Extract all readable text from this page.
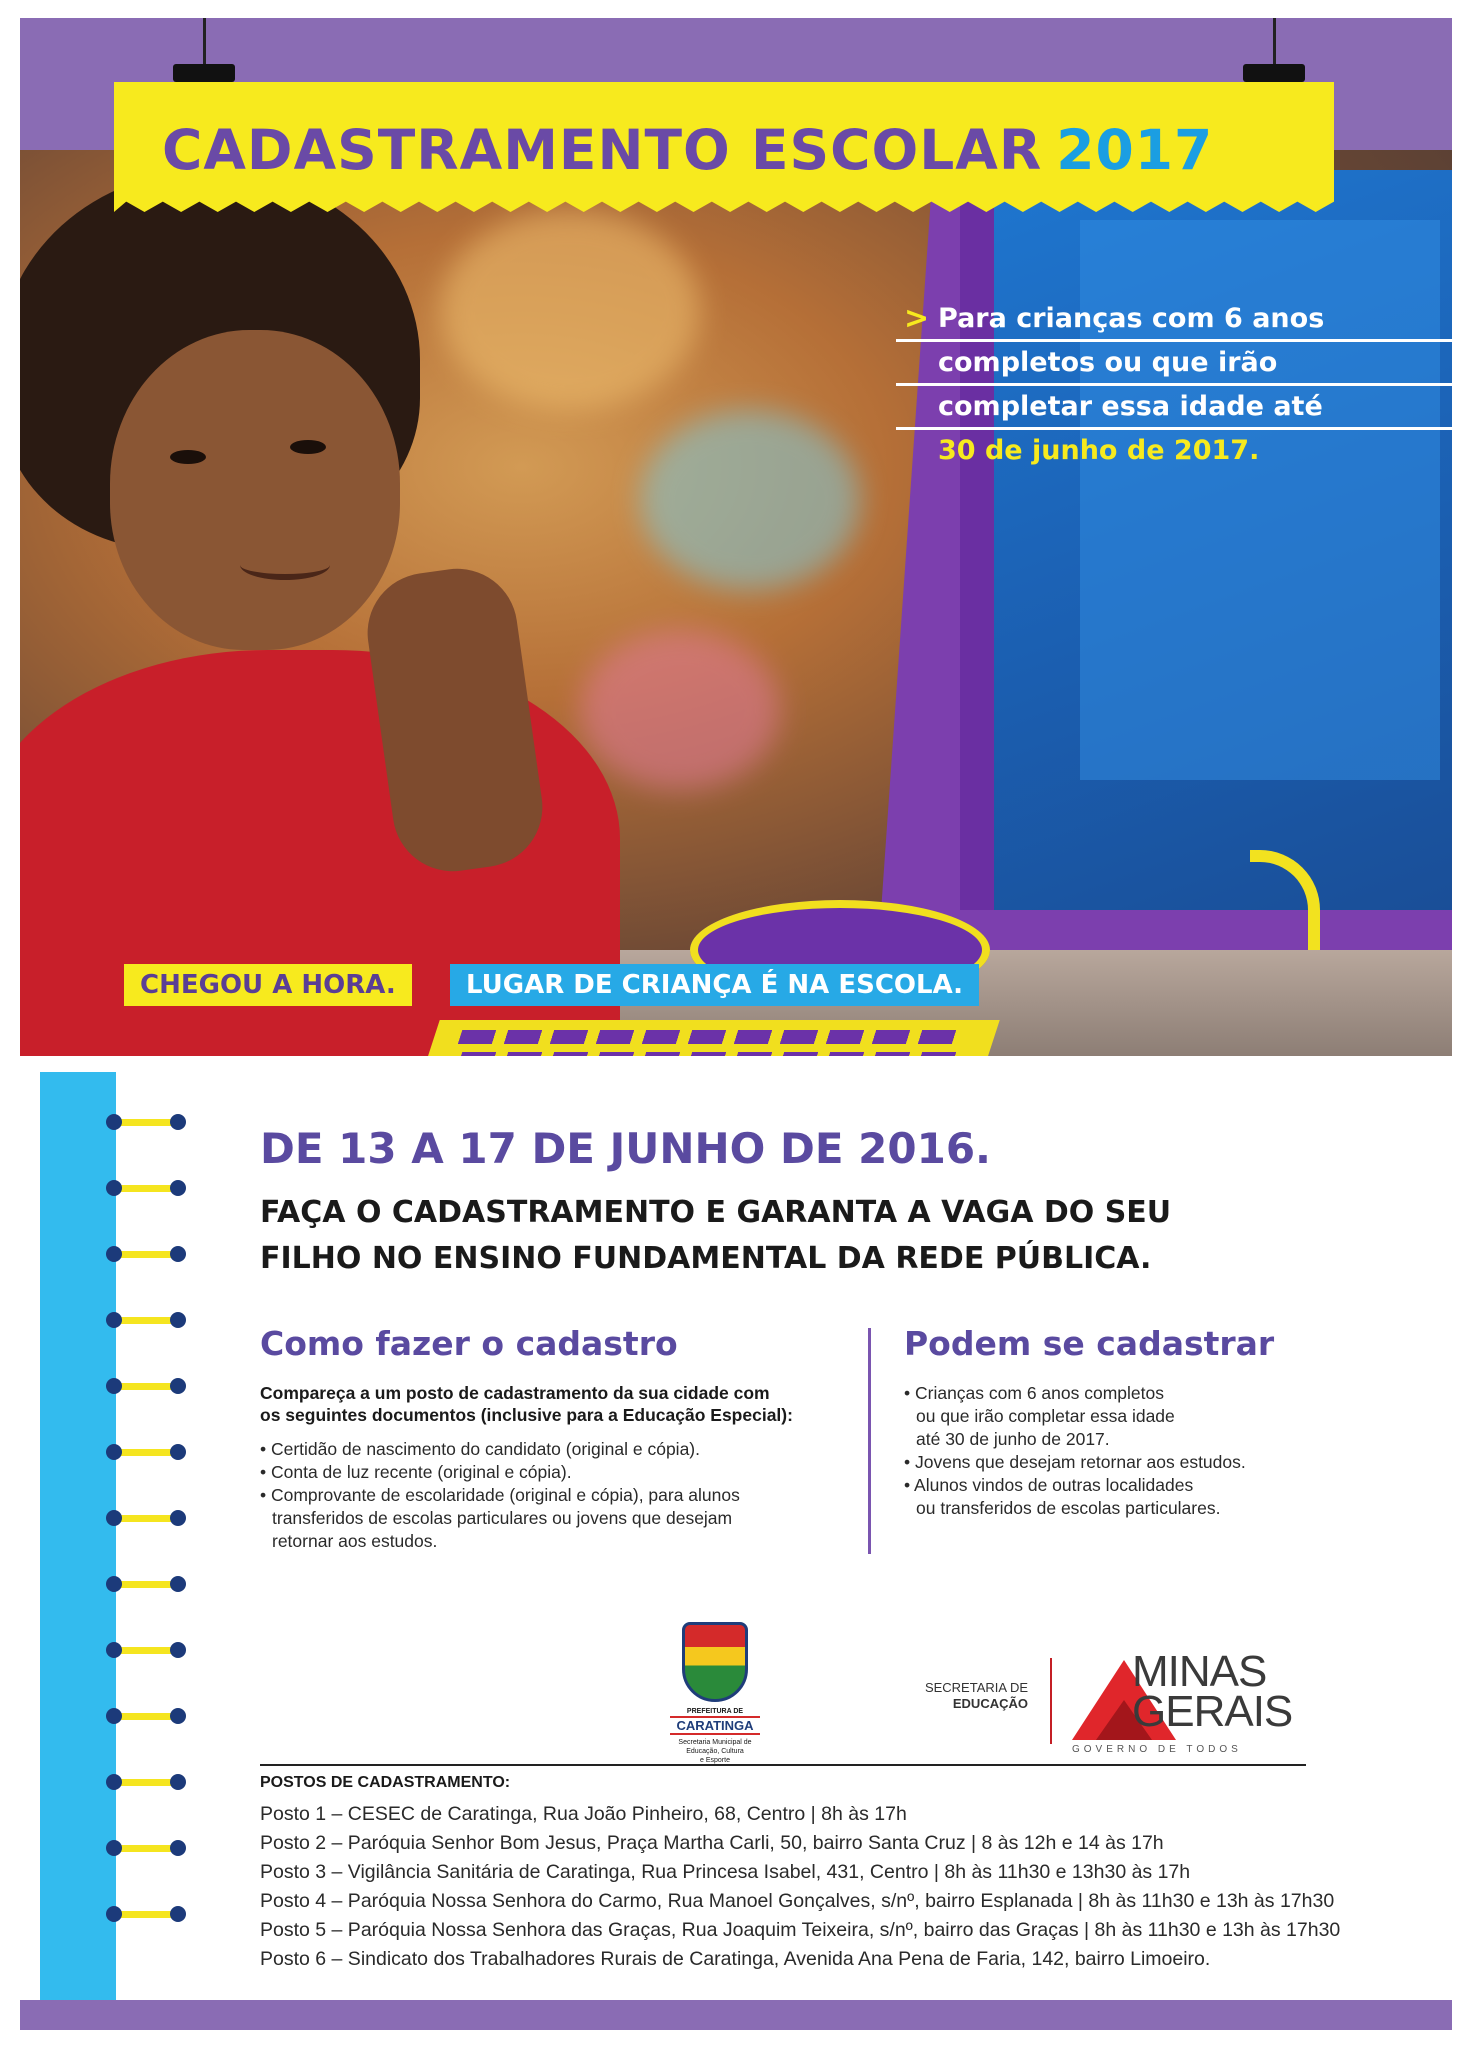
CADASTRAMENTO ESCOLAR 2017
> Para crianças com 6 anos
completos ou que irão
completar essa idade até
30 de junho de 2017.
CHEGOU A HORA.	LUGAR DE CRIANÇA É NA ESCOLA.
DE 13 A 17 DE JUNHO DE 2016.
FAÇA O CADASTRAMENTO E GARANTA A VAGA DO SEU
FILHO NO ENSINO FUNDAMENTAL DA REDE PÚBLICA.
Como fazer o cadastro	Podem se cadastrar
Compareça a um posto de cadastramento da sua cidade com
os seguintes documentos (inclusive para a Educação Especial):
• Certidão de nascimento do candidato (original e cópia).
• Conta de luz recente (original e cópia).
• Comprovante de escolaridade (original e cópia), para alunos
transferidos de escolas particulares ou jovens que desejam
retornar aos estudos.
• Crianças com 6 anos completos
ou que irão completar essa idade
até 30 de junho de 2017.
• Jovens que desejam retornar aos estudos.
• Alunos vindos de outras localidades
ou transferidos de escolas particulares.
PREFEITURA DE
CARATINGA
Secretaria Municipal de
Educação, Cultura
e Esporte
SECRETARIA DE
EDUCAÇÃO
MINAS
GERAIS
GOVERNO DE TODOS
POSTOS DE CADASTRAMENTO:
Posto 1 – CESEC de Caratinga, Rua João Pinheiro, 68, Centro | 8h às 17h
Posto 2 – Paróquia Senhor Bom Jesus, Praça Martha Carli, 50, bairro Santa Cruz | 8 às 12h e 14 às 17h
Posto 3 – Vigilância Sanitária de Caratinga, Rua Princesa Isabel, 431, Centro | 8h às 11h30 e 13h30 às 17h
Posto 4 – Paróquia Nossa Senhora do Carmo, Rua Manoel Gonçalves, s/nº, bairro Esplanada | 8h às 11h30 e 13h às 17h30
Posto 5 – Paróquia Nossa Senhora das Graças, Rua Joaquim Teixeira, s/nº, bairro das Graças | 8h às 11h30 e 13h às 17h30
Posto 6 – Sindicato dos Trabalhadores Rurais de Caratinga, Avenida Ana Pena de Faria, 142, bairro Limoeiro.
